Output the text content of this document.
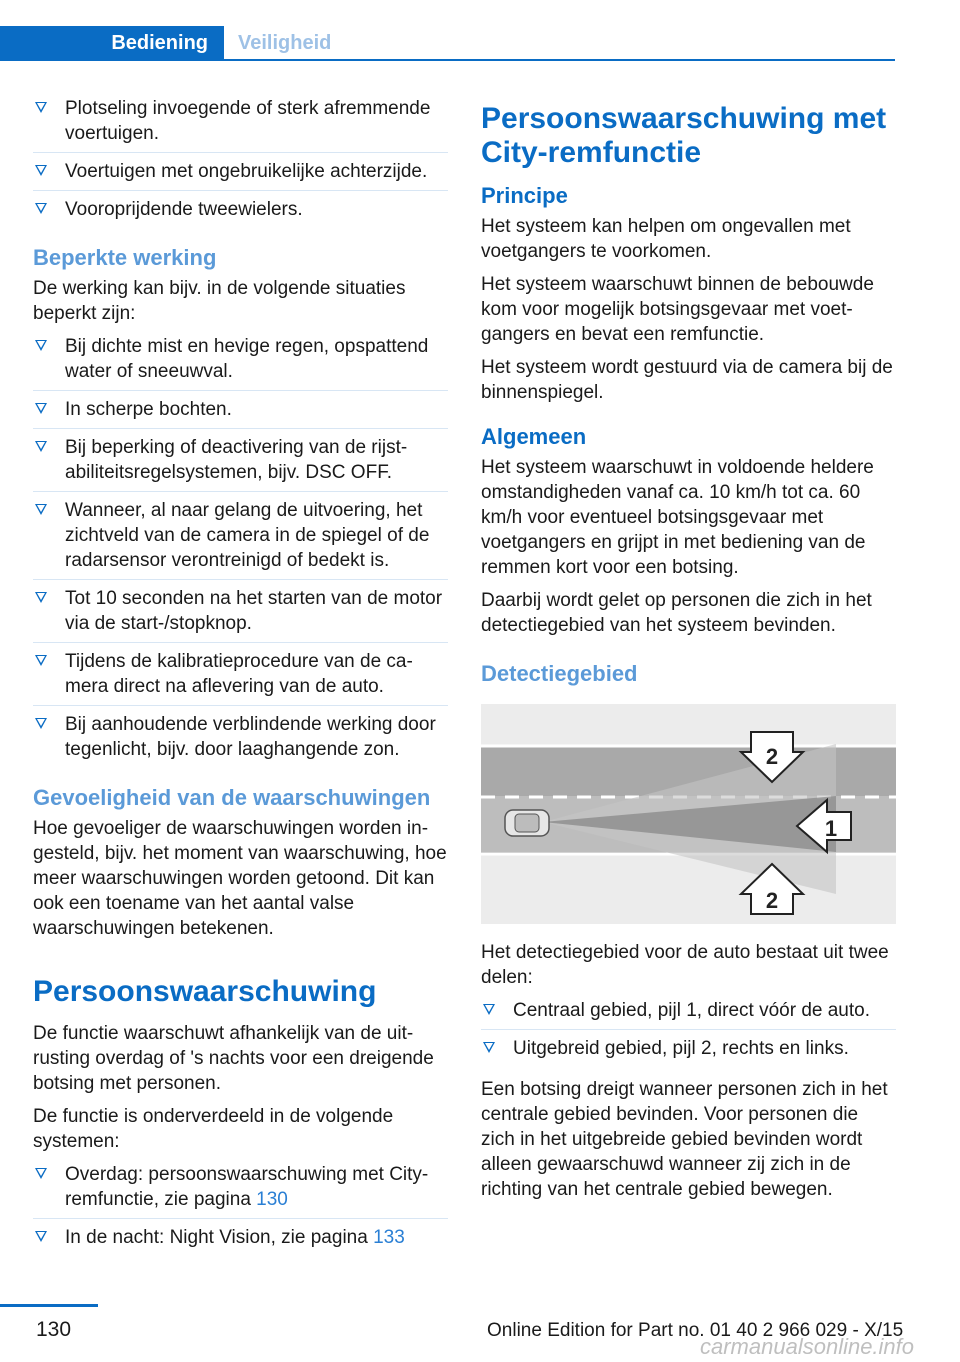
Bediening	Veiligheid
Plotseling invoegende of sterk afremmende voertuigen.
Voertuigen met ongebruikelijke achterzijde.
Vooroprijdende tweewielers.
Beperkte werking

De werking kan bijv. in de volgende situaties beperkt zijn:

Bij dichte mist en hevige regen, opspattend water of sneeuwval.
In scherpe bochten.
Bij beperking of deactivering van de rijstabiliteitsregelsystemen, bijv. DSC OFF.
Wanneer, al naar gelang de uitvoering, het zichtveld van de camera in de spiegel of de radarsensor verontreinigd of bedekt is.
Tot 10 seconden na het starten van de motor via de start-/stopknop.
Tijdens de kalibratieprocedure van de camera direct na aflevering van de auto.
Bij aanhoudende verblindende werking door tegenlicht, bijv. door laaghangende zon.
Gevoeligheid van de waarschuwingen

Hoe gevoeliger de waarschuwingen worden ingesteld, bijv. het moment van waarschuwing, hoe meer waarschuwingen worden getoond. Dit kan ook een toename van het aantal valse waarschuwingen betekenen.

Persoonswaarschuwing

De functie waarschuwt afhankelijk van de uitrusting overdag of 's nachts voor een dreigende botsing met personen.

De functie is onderverdeeld in de volgende systemen:

Overdag: persoonswaarschuwing met City-remfunctie, zie pagina 130
In de nacht: Night Vision, zie pagina 133
Persoonswaarschuwing met City-remfunctie
Principe

Het systeem kan helpen om ongevallen met voetgangers te voorkomen.

Het systeem waarschuwt binnen de bebouwde kom voor mogelijk botsingsgevaar met voetgangers en bevat een remfunctie.

Het systeem wordt gestuurd via de camera bij de binnenspiegel.

Algemeen

Het systeem waarschuwt in voldoende heldere omstandigheden vanaf ca. 10 km/h tot ca. 60 km/h voor eventueel botsingsgevaar met voetgangers en grijpt in met bediening van de remmen kort voor een botsing.

Daarbij wordt gelet op personen die zich in het detectiegebied van het systeem bevinden.

Detectiegebied
2
1
2

Het detectiegebied voor de auto bestaat uit twee delen:

Centraal gebied, pijl 1, direct vóór de auto.
Uitgebreid gebied, pijl 2, rechts en links.

Een botsing dreigt wanneer personen zich in het centrale gebied bevinden. Voor personen die zich in het uitgebreide gebied bevinden wordt alleen gewaarschuwd wanneer zij zich in de richting van het centrale gebied bewegen.

130	Online Edition for Part no. 01 40 2 966 029 - X/15
carmanualsonline.info
